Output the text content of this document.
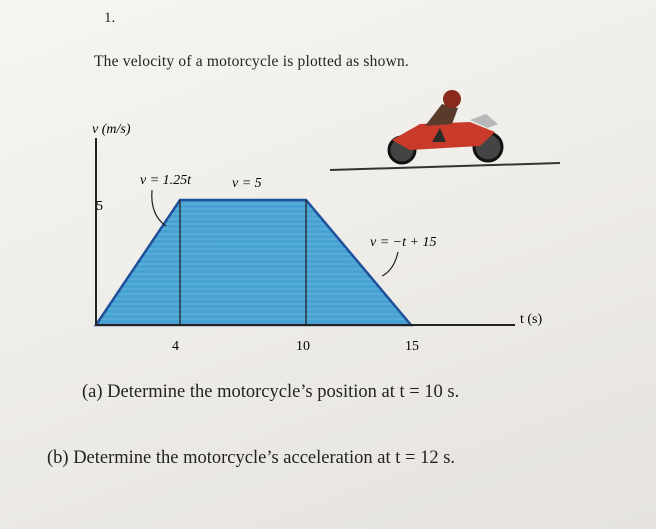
1.
The velocity of a motorcycle is plotted as shown.
v (m/s)
t (s)
5
4	10	15
v = 1.25t	v = 5
v = −t + 15
(a) Determine the motorcycle’s position at t = 10 s.
(b) Determine the motorcycle’s acceleration at t = 12 s.
